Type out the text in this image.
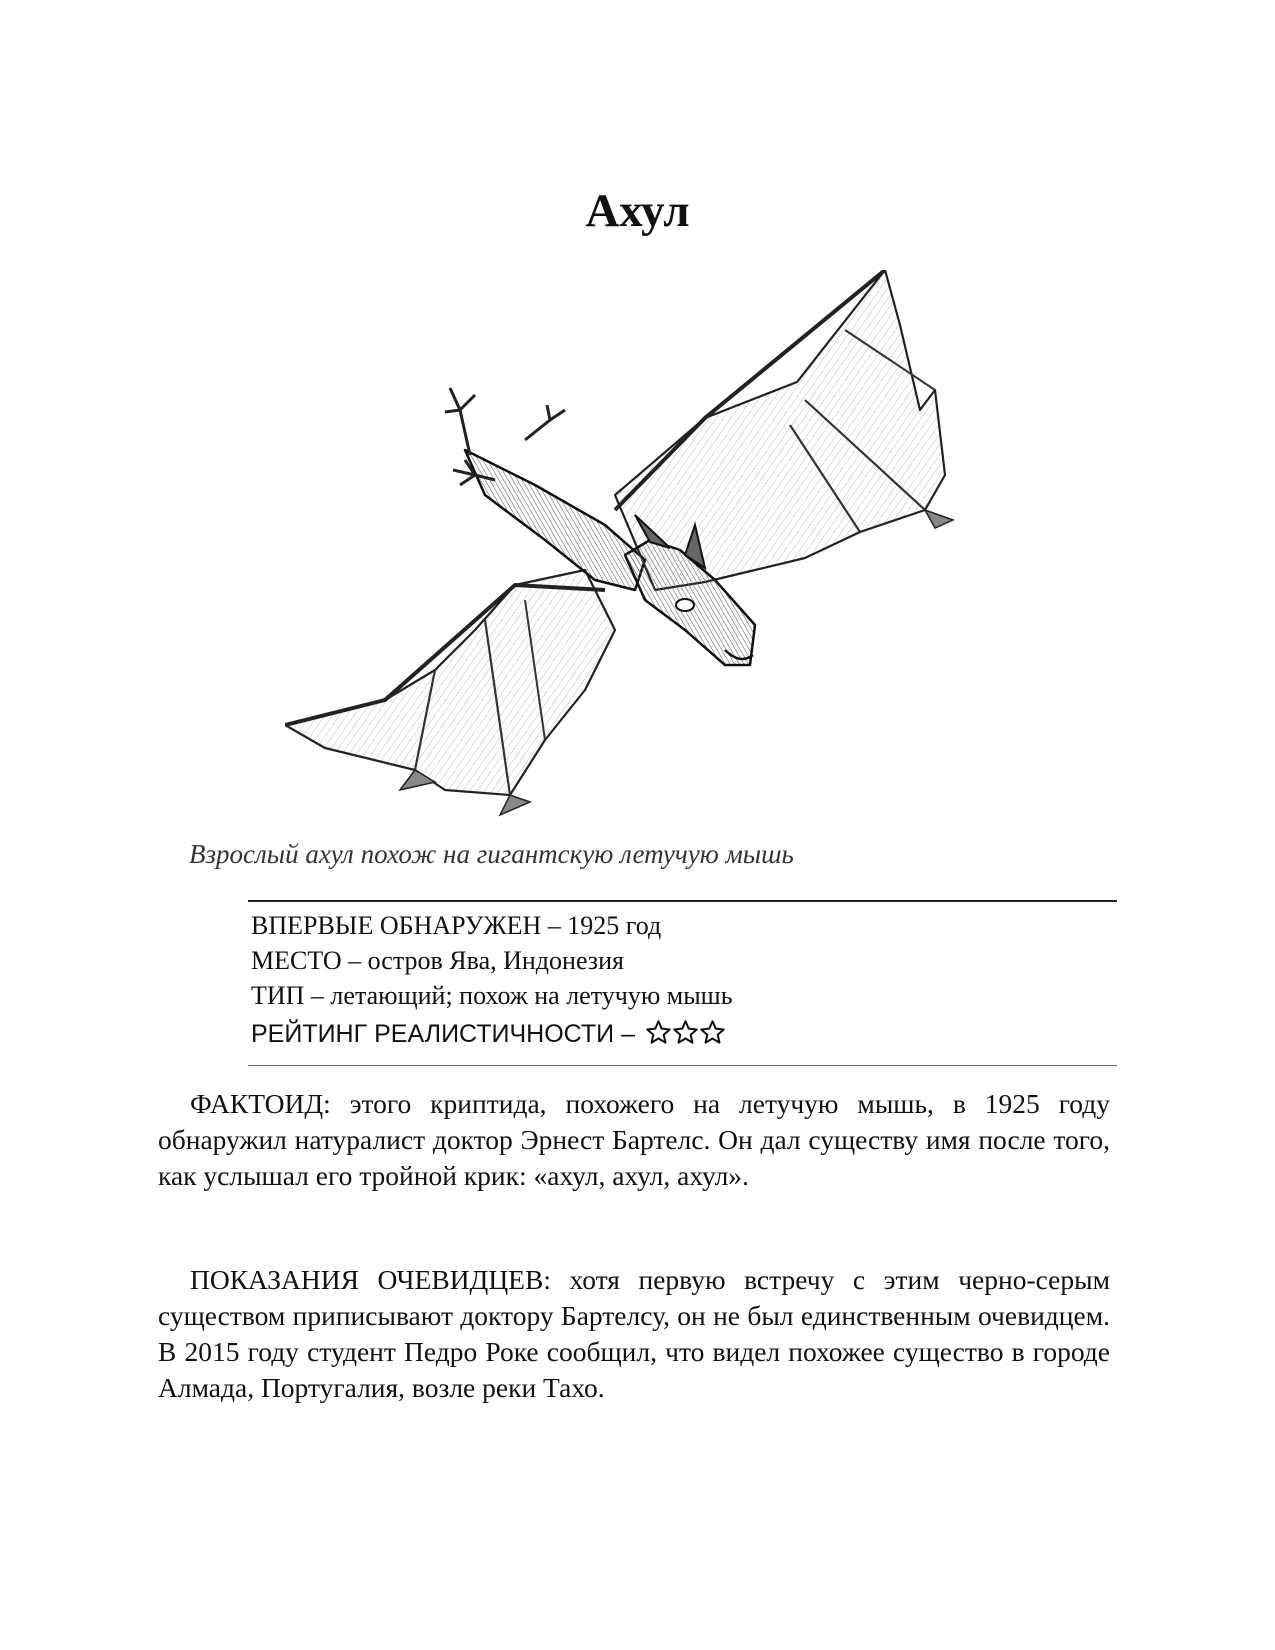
Ахул

Взрослый ахул похож на гигантскую летучую мышь

ВПЕРВЫЕ ОБНАРУЖЕН – 1925 год

МЕСТО – остров Ява, Индонезия

ТИП – летающий; похож на летучую мышь

РЕЙТИНГ РЕАЛИСТИЧНОСТИ –

ФАКТОИД: этого криптида, похожего на летучую мышь, в 1925 году обнаружил натуралист доктор Эрнест Бартелс. Он дал существу имя после того, как услышал его тройной крик: «ахул, ахул, ахул».

ПОКАЗАНИЯ ОЧЕВИДЦЕВ: хотя первую встречу с этим черно-серым существом приписывают доктору Бартелсу, он не был единственным очевидцем. В 2015 году студент Педро Роке сообщил, что видел похожее существо в городе Алмада, Португалия, возле реки Тахо.
